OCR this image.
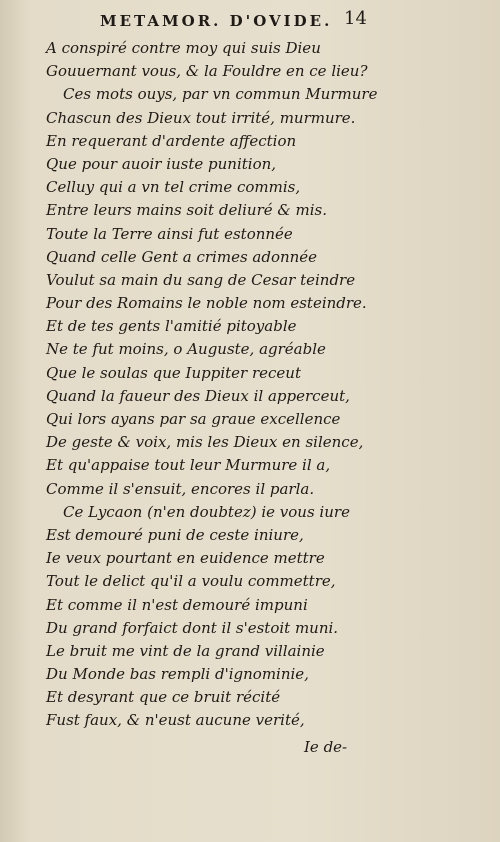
METAMOR. D'OVIDE. 14
A conspiré contre moy qui suis Dieu
Gouuernant vous, & la Fouldre en ce lieu?
Ces mots ouys, par vn commun Murmure
Chascun des Dieux tout irrité, murmure.
En requerant d'ardente affection
Que pour auoir iuste punition,
Celluy qui a vn tel crime commis,
Entre leurs mains soit deliuré & mis.
Toute la Terre ainsi fut estonnée
Quand celle Gent a crimes adonnée
Voulut sa main du sang de Cesar teindre
Pour des Romains le noble nom esteindre.
Et de tes gents l'amitié pitoyable
Ne te fut moins, o Auguste, agréable
Que le soulas que Iuppiter receut
Quand la faueur des Dieux il apperceut,
Qui lors ayans par sa graue excellence
De geste & voix, mis les Dieux en silence,
Et qu'appaise tout leur Murmure il a,
Comme il s'ensuit, encores il parla.
Ce Lycaon (n'en doubtez) ie vous iure
Est demouré puni de ceste iniure,
Ie veux pourtant en euidence mettre
Tout le delict qu'il a voulu commettre,
Et comme il n'est demouré impuni
Du grand forfaict dont il s'estoit muni.
Le bruit me vint de la grand villainie
Du Monde bas rempli d'ignominie,
Et desyrant que ce bruit récité
Fust faux, & n'eust aucune verité,
Ie de-
